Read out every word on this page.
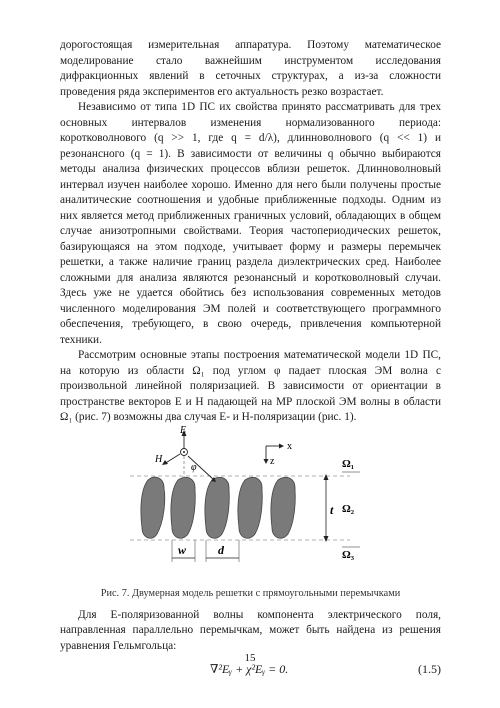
дорогостоящая измерительная аппаратура. Поэтому математическое моделирование стало важнейшим инструментом исследования дифракционных явлений в сеточных структурах, а из-за сложности проведения ряда экспериментов его актуальность резко возрастает.

Независимо от типа 1D ПС их свойства принято рассматривать для трех основных интервалов изменения нормализованного периода: коротковолнового (q >> 1, где q = d/λ), длинноволнового (q << 1) и резонансного (q = 1). В зависимости от величины q обычно выбираются методы анализа физических процессов вблизи решеток. Длинноволновый интервал изучен наиболее хорошо. Именно для него были получены простые аналитические соотношения и удобные приближенные подходы. Одним из них является метод приближенных граничных условий, обладающих в общем случае анизотропными свойствами. Теория частопериодических решеток, базирующаяся на этом подходе, учитывает форму и размеры перемычек решетки, а также наличие границ раздела диэлектрических сред. Наиболее сложными для анализа являются резонансный и коротковолновый случаи. Здесь уже не удается обойтись без использования современных методов численного моделирования ЭМ полей и соответствующего программного обеспечения, требующего, в свою очередь, привлечения компьютерной техники.

Рассмотрим основные этапы построения математической модели 1D ПС, на которую из области Ω₁ под углом φ падает плоская ЭМ волна с произвольной линейной поляризацией. В зависимости от ориентации в пространстве векторов E и H падающей на МР плоской ЭМ волны в области Ω₁ (рис. 7) возможны два случая E- и H-поляризации (рис. 1).

E
H
φ
x
z	Ω₁
Ω₂
Ω₃
t
w	d
Рис. 7. Двумерная модель решетки с прямоугольными перемычками

Для E-поляризованной волны компонента электрического поля, направленная параллельно перемычкам, может быть найдена из решения уравнения Гельмгольца:

∇²Eᵧ + χ²Eᵧ = 0.	(1.5)
15
